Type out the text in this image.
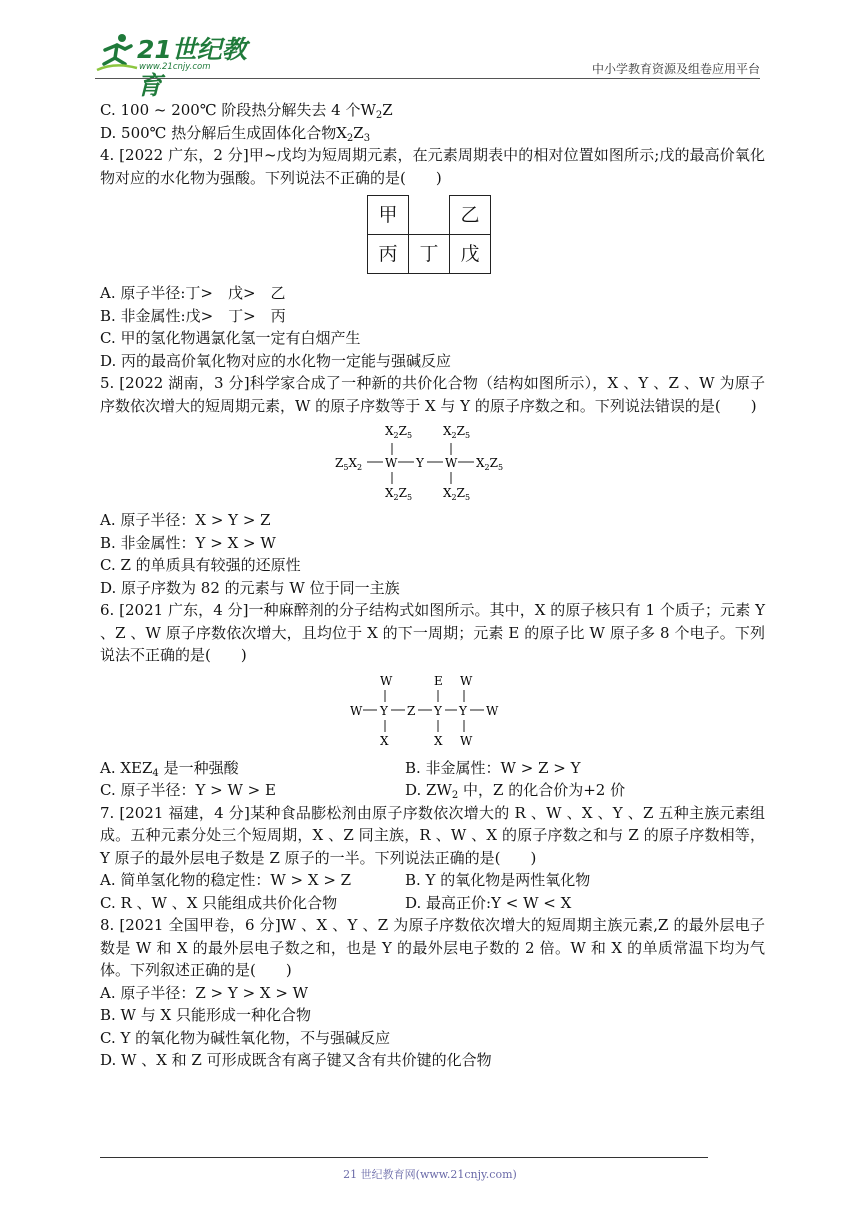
21世纪教育
www.21cnjy.com	中小学教育资源及组卷应用平台
C. 100 ~ 200℃ 阶段热分解失去 4 个$W_2Z$
D. 500℃ 热分解后生成固体化合物$X_2Z_3$
4. [2022 广东，2 分]甲~戊均为短周期元素，在元素周期表中的相对位置如图所示;戊的最高价氧化物对应的水化物为强酸。下列说法不正确的是(　　)
甲		乙
丙	丁	戊
A. 原子半径:丁>　戊>　乙
B. 非金属性:戊>　丁>　丙
C. 甲的氢化物遇氯化氢一定有白烟产生
D. 丙的最高价氧化物对应的水化物一定能与强碱反应
5. [2022 湖南，3 分]科学家合成了一种新的共价化合物（结构如图所示），X 、Y 、Z 、W 为原子序数依次增大的短周期元素，W 的原子序数等于 X 与 Y 的原子序数之和。下列说法错误的是(　　)
$X_2Z_5$	$X_2Z_5$
$Z_5X_2$ W Y W $X_2Z_5$
$X_2Z_5$	$X_2Z_5$
A. 原子半径：X > Y > Z
B. 非金属性：Y > X > W
C. Z 的单质具有较强的还原性
D. 原子序数为 82 的元素与 W 位于同一主族
6. [2021 广东，4 分]一种麻醉剂的分子结构式如图所示。其中，X 的原子核只有 1 个质子；元素 Y 、Z 、W 原子序数依次增大，且均位于 X 的下一周期；元素 E 的原子比 W 原子多 8 个电子。下列说法不正确的是(　　)
W	E W
W Y Z Y Y W
X	X W
A. $XEZ_4$ 是一种强酸	B. 非金属性：W > Z > Y
C. 原子半径：Y > W > E	D. $ZW_2$ 中，Z 的化合价为+2 价
7. [2021 福建，4 分]某种食品膨松剂由原子序数依次增大的 R 、W 、X 、Y 、Z 五种主族元素组成。五种元素分处三个短周期，X 、Z 同主族，R 、W 、X 的原子序数之和与 Z 的原子序数相等，Y 原子的最外层电子数是 Z 原子的一半。下列说法正确的是(　　)
A. 简单氢化物的稳定性：W > X > Z	B. Y 的氧化物是两性氧化物
C. R 、W 、X 只能组成共价化合物	D. 最高正价:Y < W < X
8. [2021 全国甲卷，6 分]W 、X 、Y 、Z 为原子序数依次增大的短周期主族元素,Z 的最外层电子数是 W 和 X 的最外层电子数之和，也是 Y 的最外层电子数的 2 倍。W 和 X 的单质常温下均为气体。下列叙述正确的是(　　)
A. 原子半径：Z > Y > X > W
B. W 与 X 只能形成一种化合物
C. Y 的氧化物为碱性氧化物，不与强碱反应
D. W 、X 和 Z 可形成既含有离子键又含有共价键的化合物
21 世纪教育网(www.21cnjy.com)
